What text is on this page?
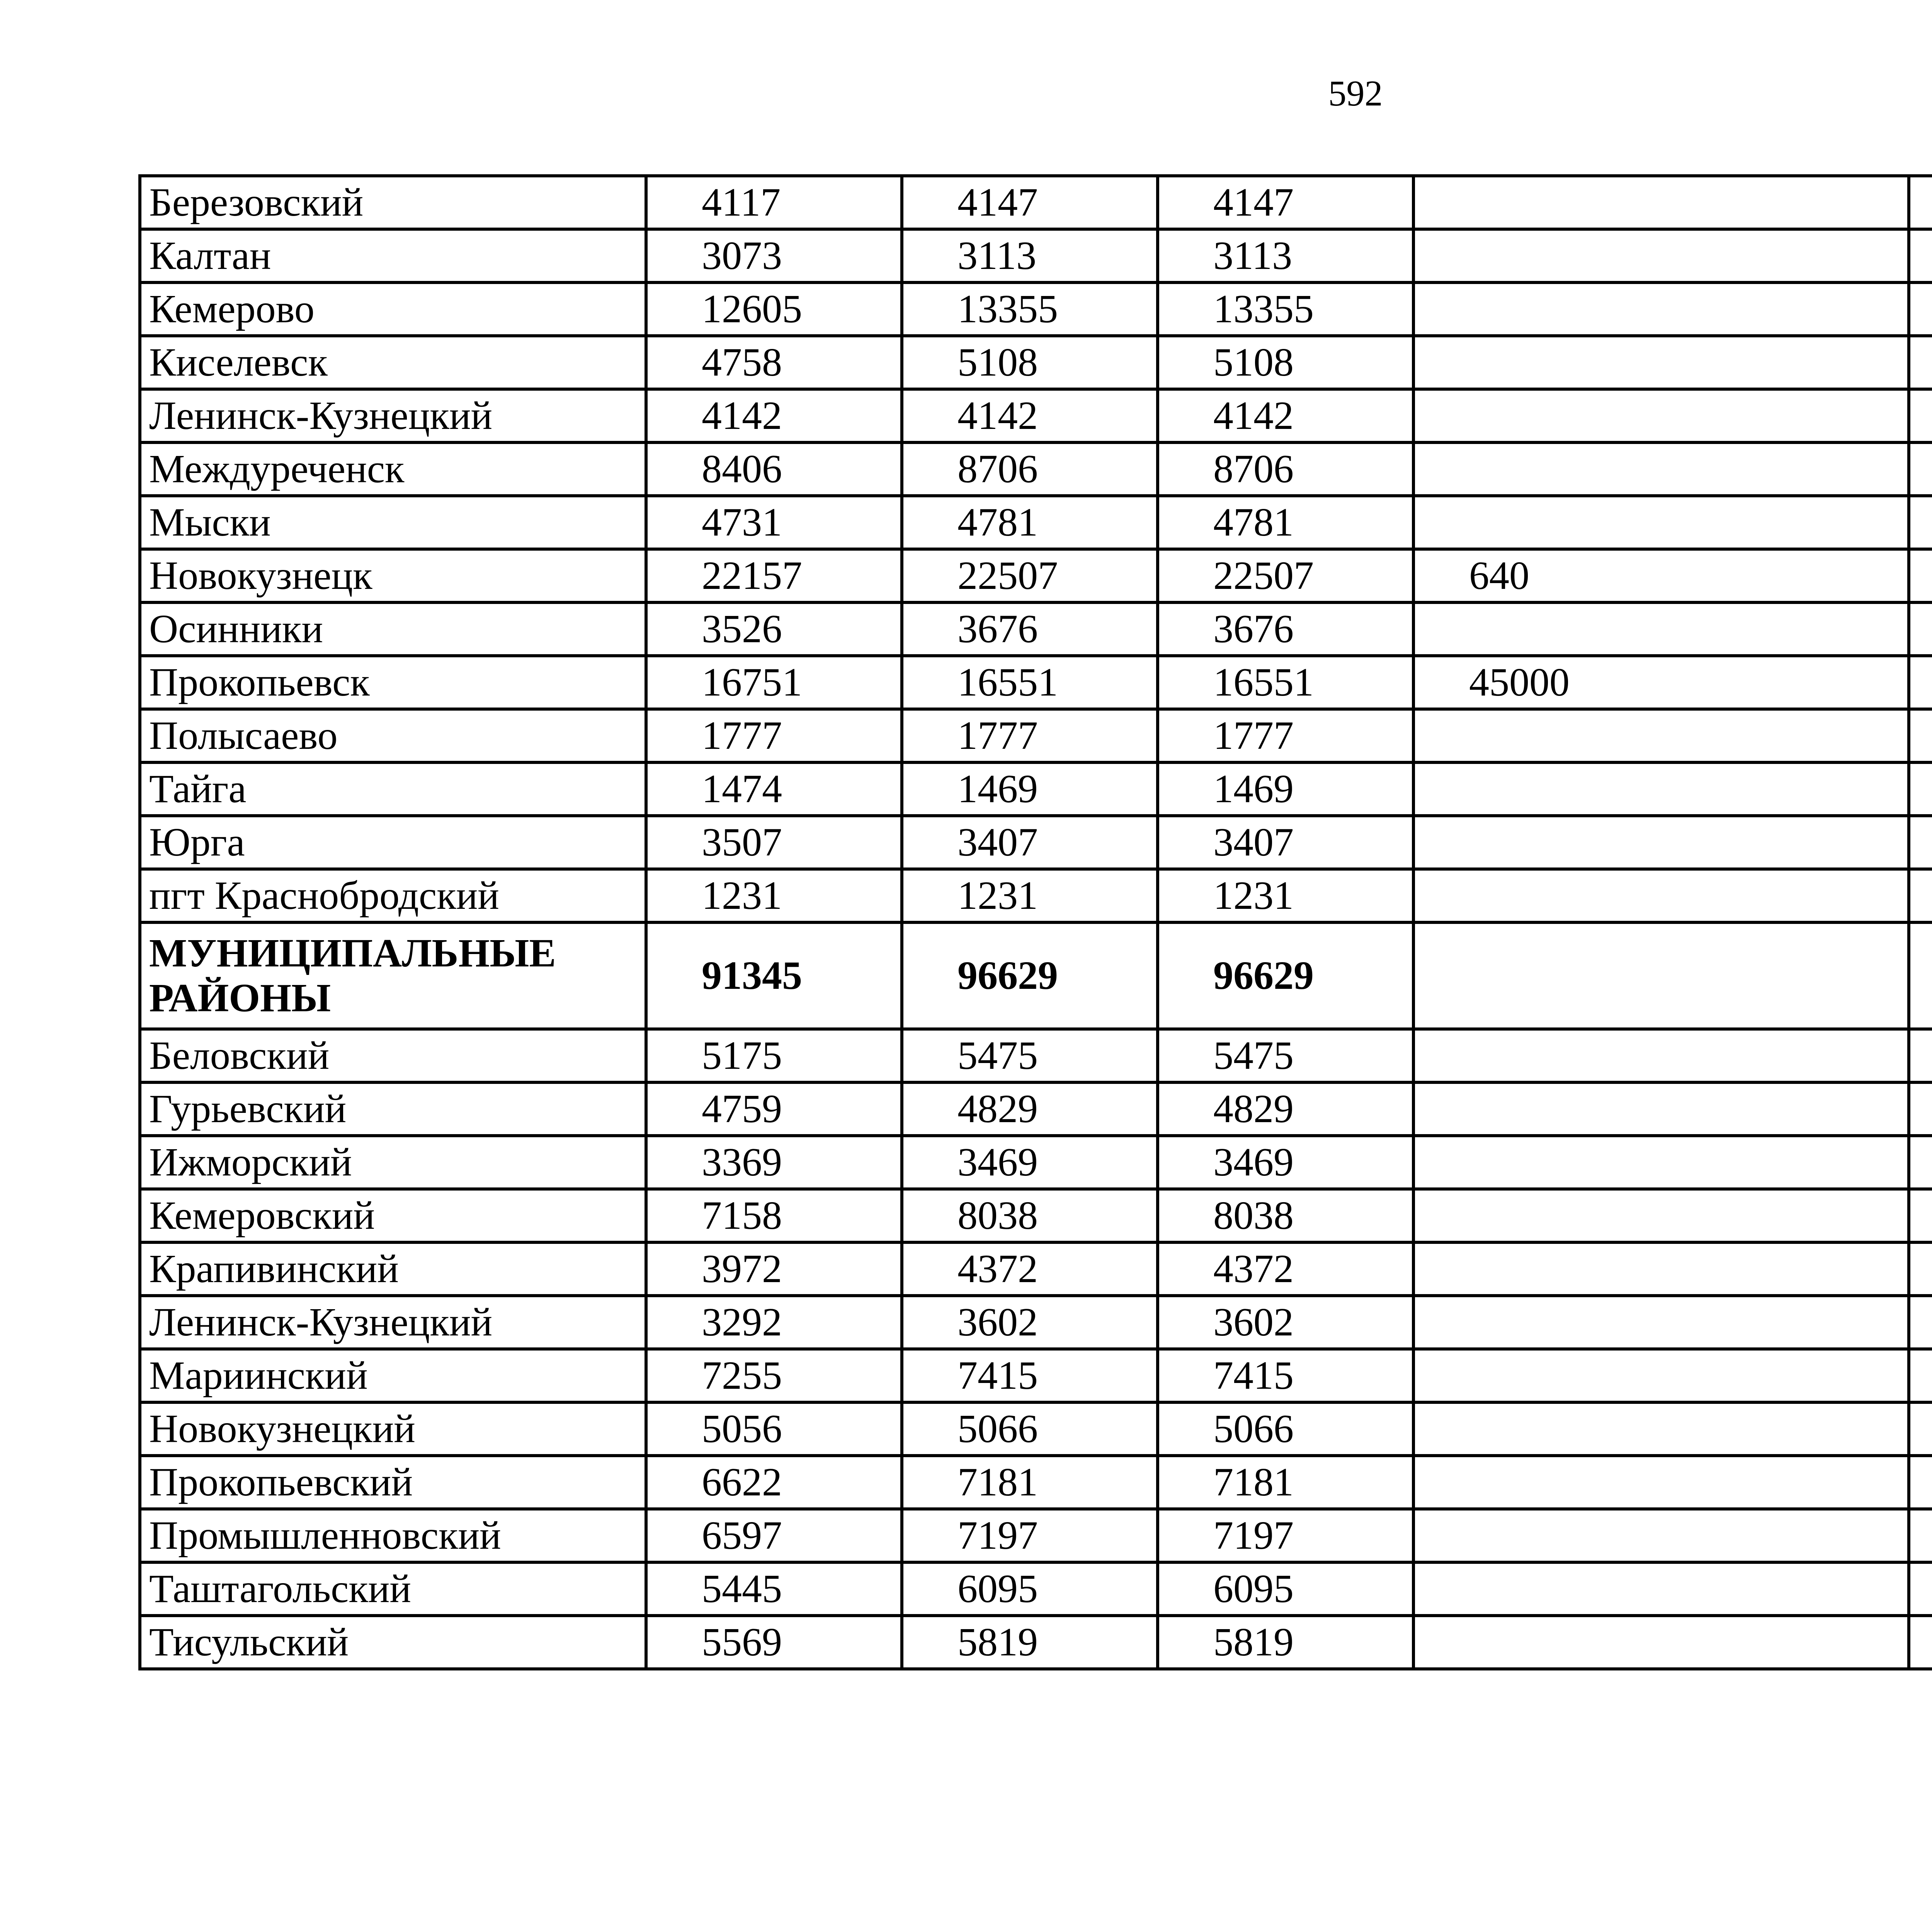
592
Березовский	4117	4147	4147		
Калтан	3073	3113	3113		
Кемерово	12605	13355	13355		
Киселевск	4758	5108	5108		
Ленинск-Кузнецкий	4142	4142	4142		
Междуреченск	8406	8706	8706		
Мыски	4731	4781	4781		
Новокузнецк	22157	22507	22507	640	
Осинники	3526	3676	3676		
Прокопьевск	16751	16551	16551	45000	
Полысаево	1777	1777	1777		
Тайга	1474	1469	1469		
Юрга	3507	3407	3407		
пгт Краснобродский	1231	1231	1231		
МУНИЦИПАЛЬНЫЕ
РАЙОНЫ	91345	96629	96629		
Беловский	5175	5475	5475		
Гурьевский	4759	4829	4829		
Ижморский	3369	3469	3469		
Кемеровский	7158	8038	8038		
Крапивинский	3972	4372	4372		
Ленинск-Кузнецкий	3292	3602	3602		
Мариинский	7255	7415	7415		
Новокузнецкий	5056	5066	5066		
Прокопьевский	6622	7181	7181		
Промышленновский	6597	7197	7197		
Таштагольский	5445	6095	6095		
Тисульский	5569	5819	5819		
